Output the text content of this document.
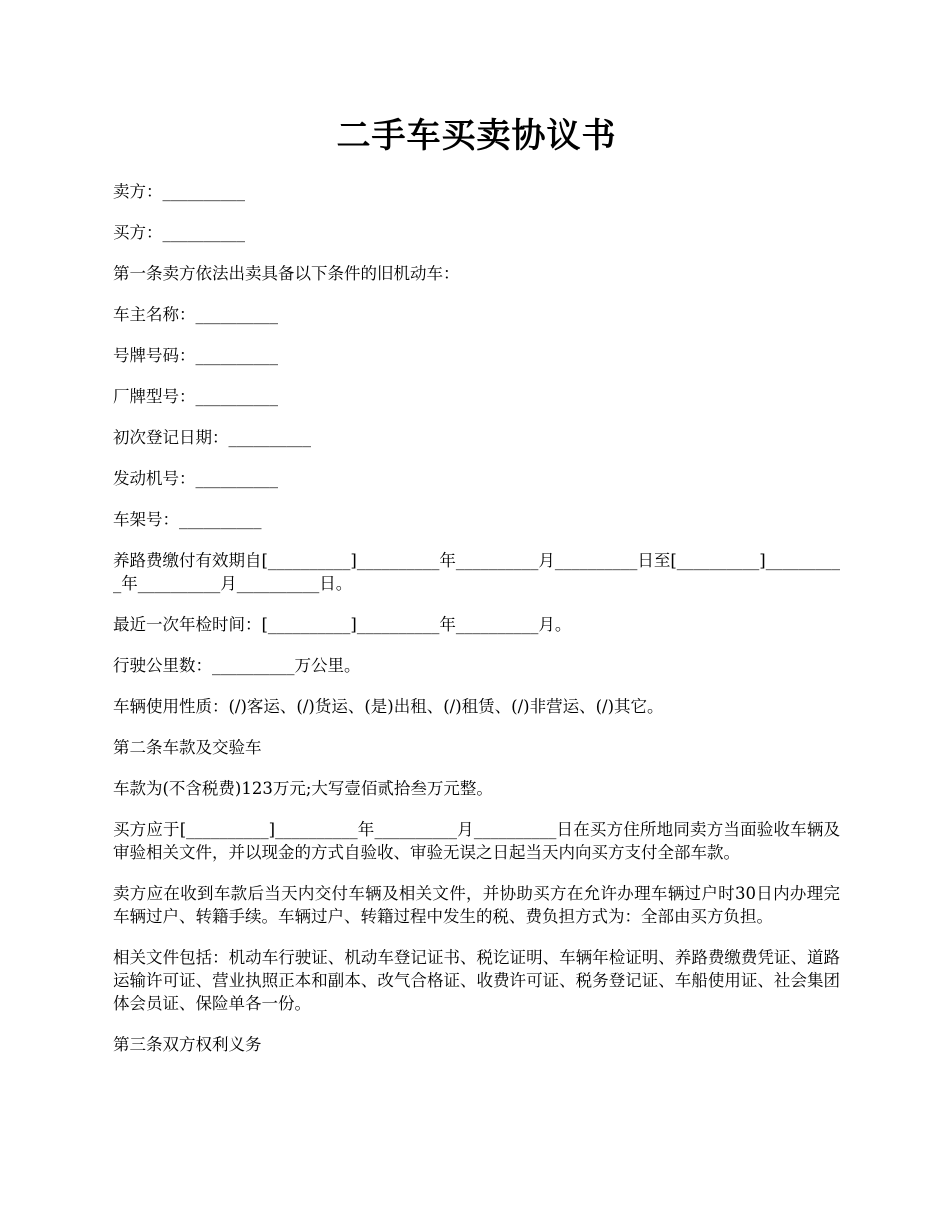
二手车买卖协议书

卖方：__________

买方：__________

第一条卖方依法出卖具备以下条件的旧机动车：

车主名称：__________

号牌号码：__________

厂牌型号：__________

初次登记日期：__________

发动机号：__________

车架号：__________

养路费缴付有效期自[__________]__________年__________月__________日至[__________]__________年__________月__________日。

最近一次年检时间：[__________]__________年__________月。

行驶公里数：__________万公里。

车辆使用性质：(/)客运、(/)货运、(是)出租、(/)租赁、(/)非营运、(/)其它。

第二条车款及交验车

车款为(不含税费)123万元;大写壹佰贰拾叁万元整。

买方应于[__________]__________年__________月__________日在买方住所地同卖方当面验收车辆及审验相关文件，并以现金的方式自验收、审验无误之日起当天内向买方支付全部车款。

卖方应在收到车款后当天内交付车辆及相关文件，并协助买方在允许办理车辆过户时30日内办理完车辆过户、转籍手续。车辆过户、转籍过程中发生的税、费负担方式为：全部由买方负担。

相关文件包括：机动车行驶证、机动车登记证书、税讫证明、车辆年检证明、养路费缴费凭证、道路运输许可证、营业执照正本和副本、改气合格证、收费许可证、税务登记证、车船使用证、社会集团体会员证、保险单各一份。

第三条双方权利义务
